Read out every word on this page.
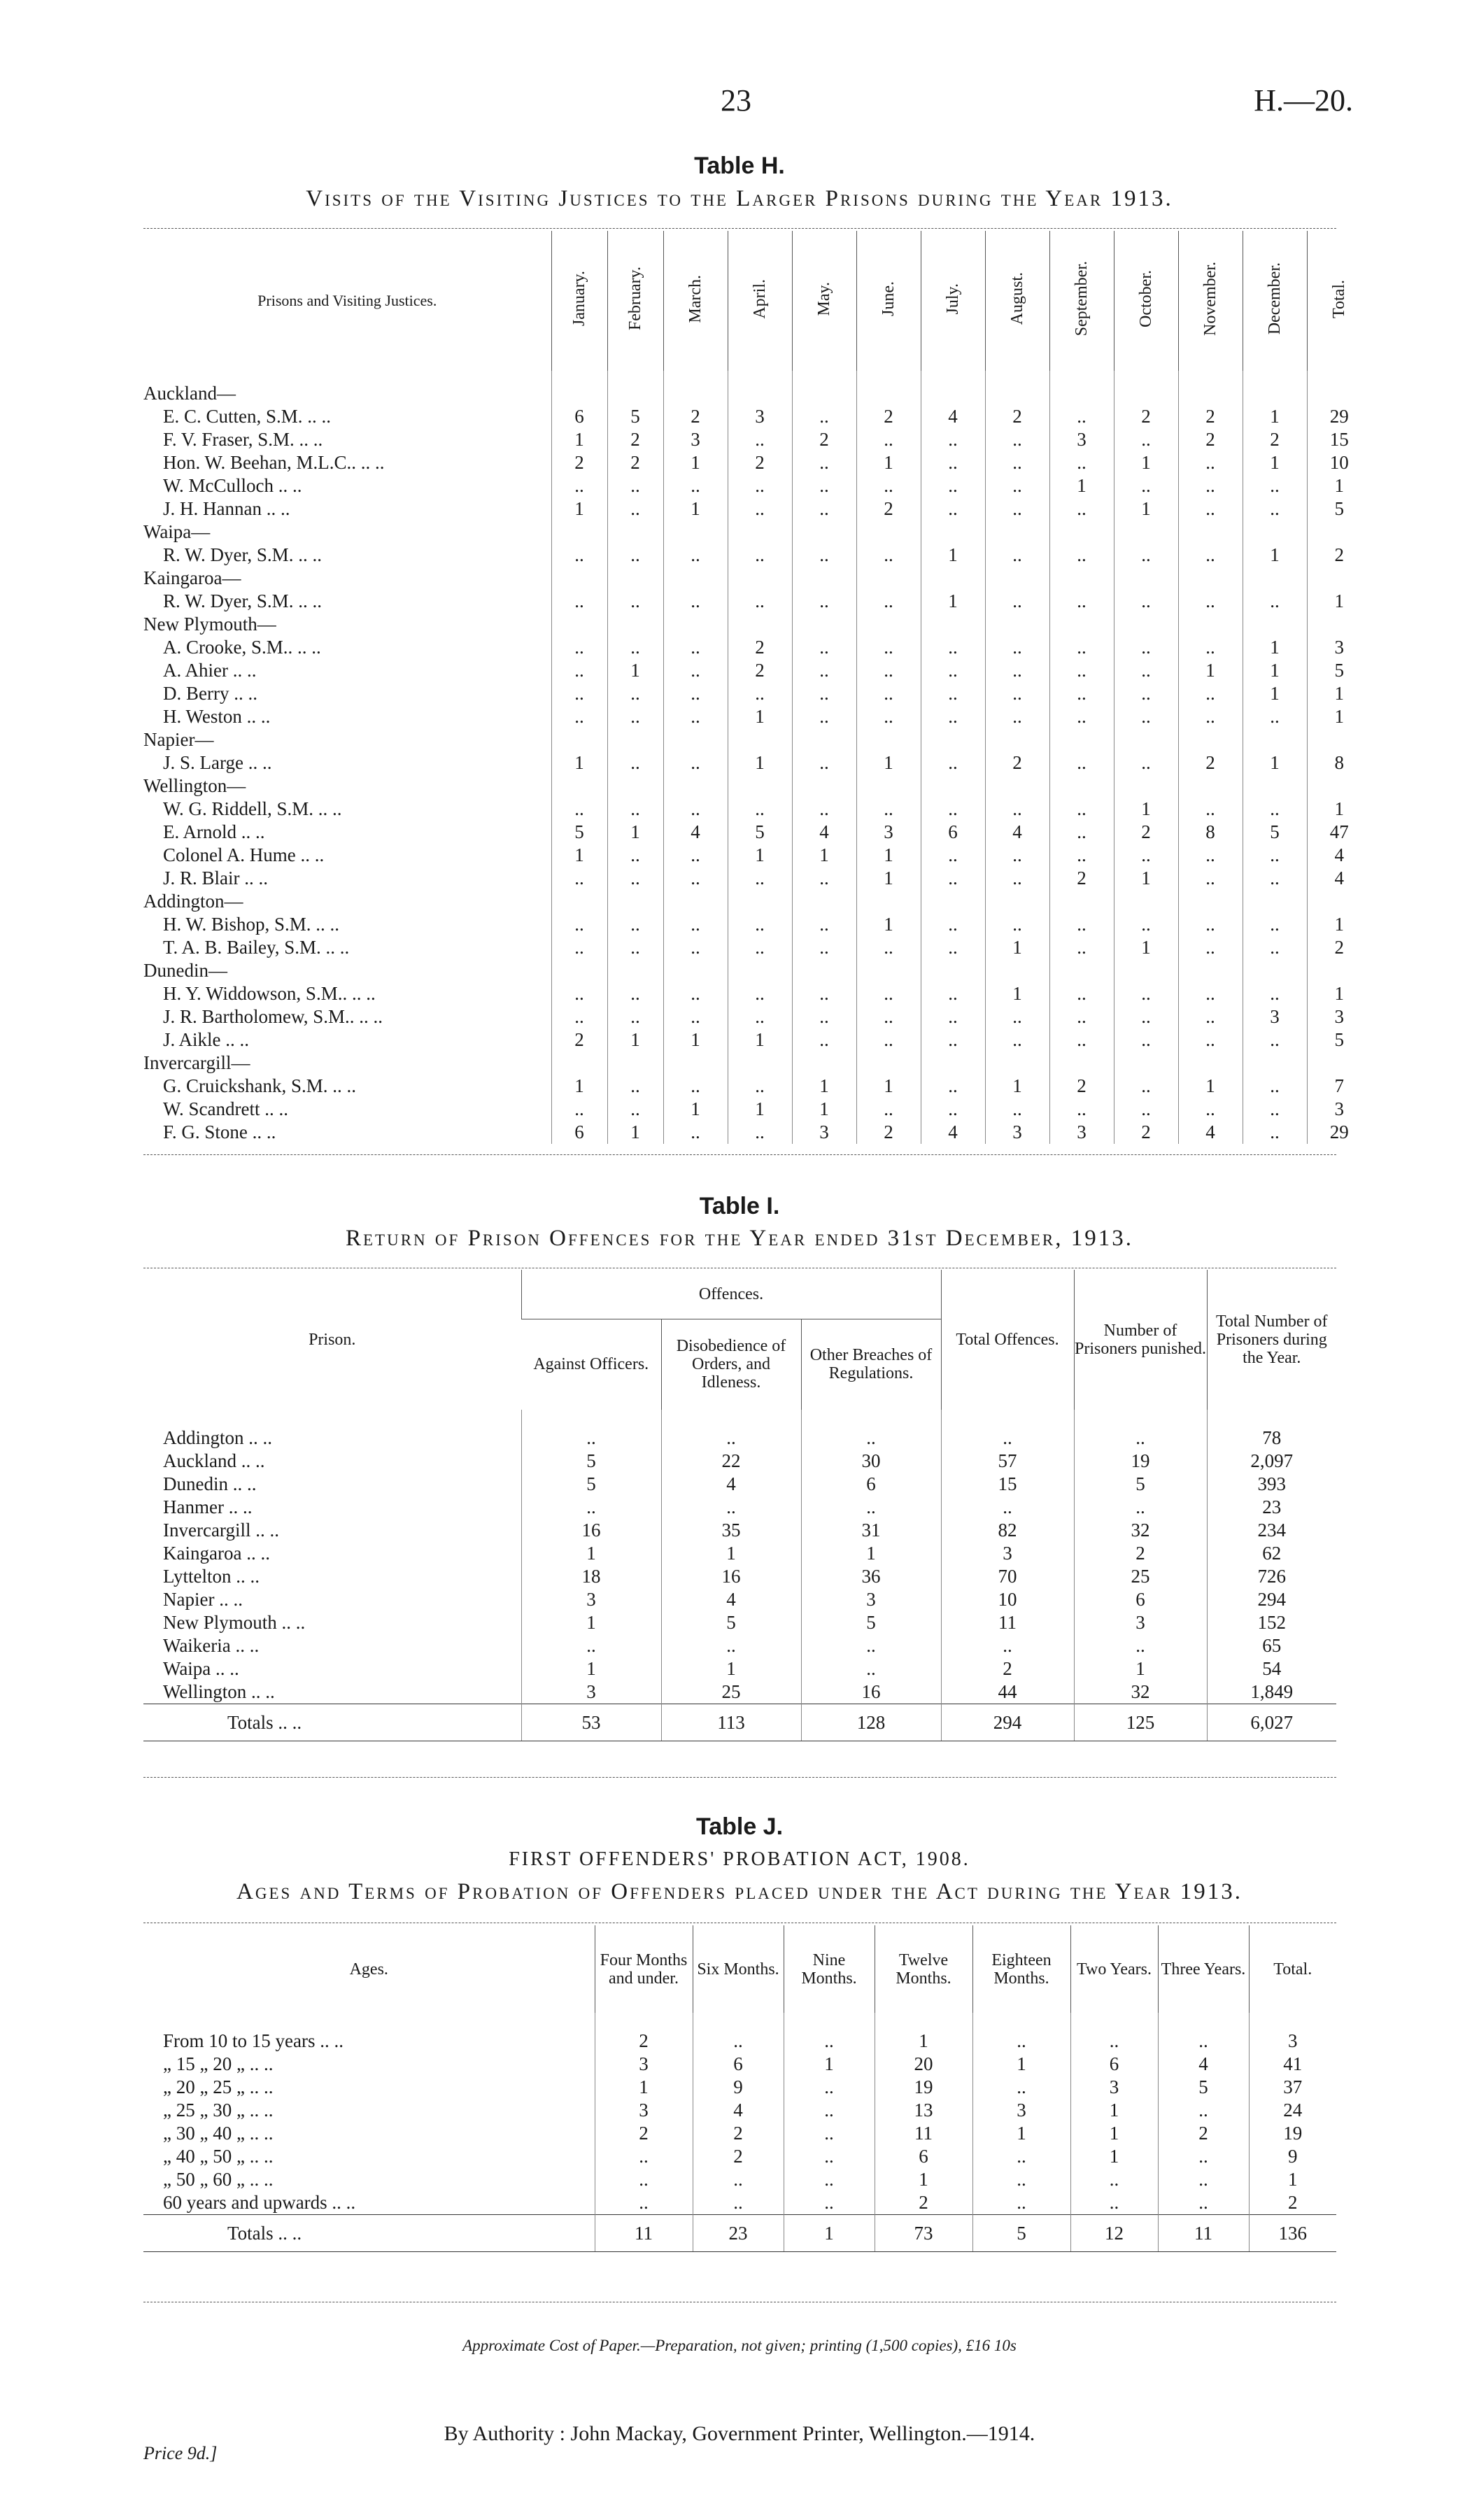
23	H.—20.
Table H.
Visits of the Visiting Justices to the Larger Prisons during the Year 1913.
Prisons and Visiting Justices.	January.	February.	March.	April.	May.	June.	July.	August.	September.	October.	November.	December.	Total.
Auckland—													
E. C. Cutten, S.M. .. ..	6	5	2	3	..	2	4	2	..	2	2	1	29
F. V. Fraser, S.M. .. ..	1	2	3	..	2	..	..	..	3	..	2	2	15
Hon. W. Beehan, M.L.C.. .. ..	2	2	1	2	..	1	..	..	..	1	..	1	10
W. McCulloch .. ..	..	..	..	..	..	..	..	..	1	..	..	..	1
J. H. Hannan .. ..	1	..	1	..	..	2	..	..	..	1	..	..	5
Waipa—													
R. W. Dyer, S.M. .. ..	..	..	..	..	..	..	1	..	..	..	..	1	2
Kaingaroa—													
R. W. Dyer, S.M. .. ..	..	..	..	..	..	..	1	..	..	..	..	..	1
New Plymouth—													
A. Crooke, S.M.. .. ..	..	..	..	2	..	..	..	..	..	..	..	1	3
A. Ahier .. ..	..	1	..	2	..	..	..	..	..	..	1	1	5
D. Berry .. ..	..	..	..	..	..	..	..	..	..	..	..	1	1
H. Weston .. ..	..	..	..	1	..	..	..	..	..	..	..	..	1
Napier—													
J. S. Large .. ..	1	..	..	1	..	1	..	2	..	..	2	1	8
Wellington—													
W. G. Riddell, S.M. .. ..	..	..	..	..	..	..	..	..	..	1	..	..	1
E. Arnold .. ..	5	1	4	5	4	3	6	4	..	2	8	5	47
Colonel A. Hume .. ..	1	..	..	1	1	1	..	..	..	..	..	..	4
J. R. Blair .. ..	..	..	..	..	..	1	..	..	2	1	..	..	4
Addington—													
H. W. Bishop, S.M. .. ..	..	..	..	..	..	1	..	..	..	..	..	..	1
T. A. B. Bailey, S.M. .. ..	..	..	..	..	..	..	..	1	..	1	..	..	2
Dunedin—													
H. Y. Widdowson, S.M.. .. ..	..	..	..	..	..	..	..	1	..	..	..	..	1
J. R. Bartholomew, S.M.. .. ..	..	..	..	..	..	..	..	..	..	..	..	3	3
J. Aikle .. ..	2	1	1	1	..	..	..	..	..	..	..	..	5
Invercargill—													
G. Cruickshank, S.M. .. ..	1	..	..	..	1	1	..	1	2	..	1	..	7
W. Scandrett .. ..	..	..	1	1	1	..	..	..	..	..	..	..	3
F. G. Stone .. ..	6	1	..	..	3	2	4	3	3	2	4	..	29
Table I.
Return of Prison Offences for the Year ended 31st December, 1913.
Prison.	Offences.			Total Offences.	Number of Prisoners punished.	Total Number of Prisoners during the Year.
	Against Officers.	Disobedience of Orders, and Idleness.	Other Breaches of Regulations.			
Addington .. ..	..	..	..	..	..	78
Auckland .. ..	5	22	30	57	19	2,097
Dunedin .. ..	5	4	6	15	5	393
Hanmer .. ..	..	..	..	..	..	23
Invercargill .. ..	16	35	31	82	32	234
Kaingaroa .. ..	1	1	1	3	2	62
Lyttelton .. ..	18	16	36	70	25	726
Napier .. ..	3	4	3	10	6	294
New Plymouth .. ..	1	5	5	11	3	152
Waikeria .. ..	..	..	..	..	..	65
Waipa .. ..	1	1	..	2	1	54
Wellington .. ..	3	25	16	44	32	1,849
Totals .. ..	53	113	128	294	125	6,027
Table J.
FIRST OFFENDERS' PROBATION ACT, 1908.
Ages and Terms of Probation of Offenders placed under the Act during the Year 1913.
Ages.	Four Months and under.	Six Months.	Nine Months.	Twelve Months.	Eighteen Months.	Two Years.	Three Years.	Total.
From 10 to 15 years .. ..	2	..	..	1	..	..	..	3
„ 15 „ 20 „ .. ..	3	6	1	20	1	6	4	41
„ 20 „ 25 „ .. ..	1	9	..	19	..	3	5	37
„ 25 „ 30 „ .. ..	3	4	..	13	3	1	..	24
„ 30 „ 40 „ .. ..	2	2	..	11	1	1	2	19
„ 40 „ 50 „ .. ..	..	2	..	6	..	1	..	9
„ 50 „ 60 „ .. ..	..	..	..	1	..	..	..	1
60 years and upwards .. ..	..	..	..	2	..	..	..	2
Totals .. ..	11	23	1	73	5	12	11	136
Approximate Cost of Paper.—Preparation, not given; printing (1,500 copies), £16 10s
By Authority : John Mackay, Government Printer, Wellington.—1914.
Price 9d.]
